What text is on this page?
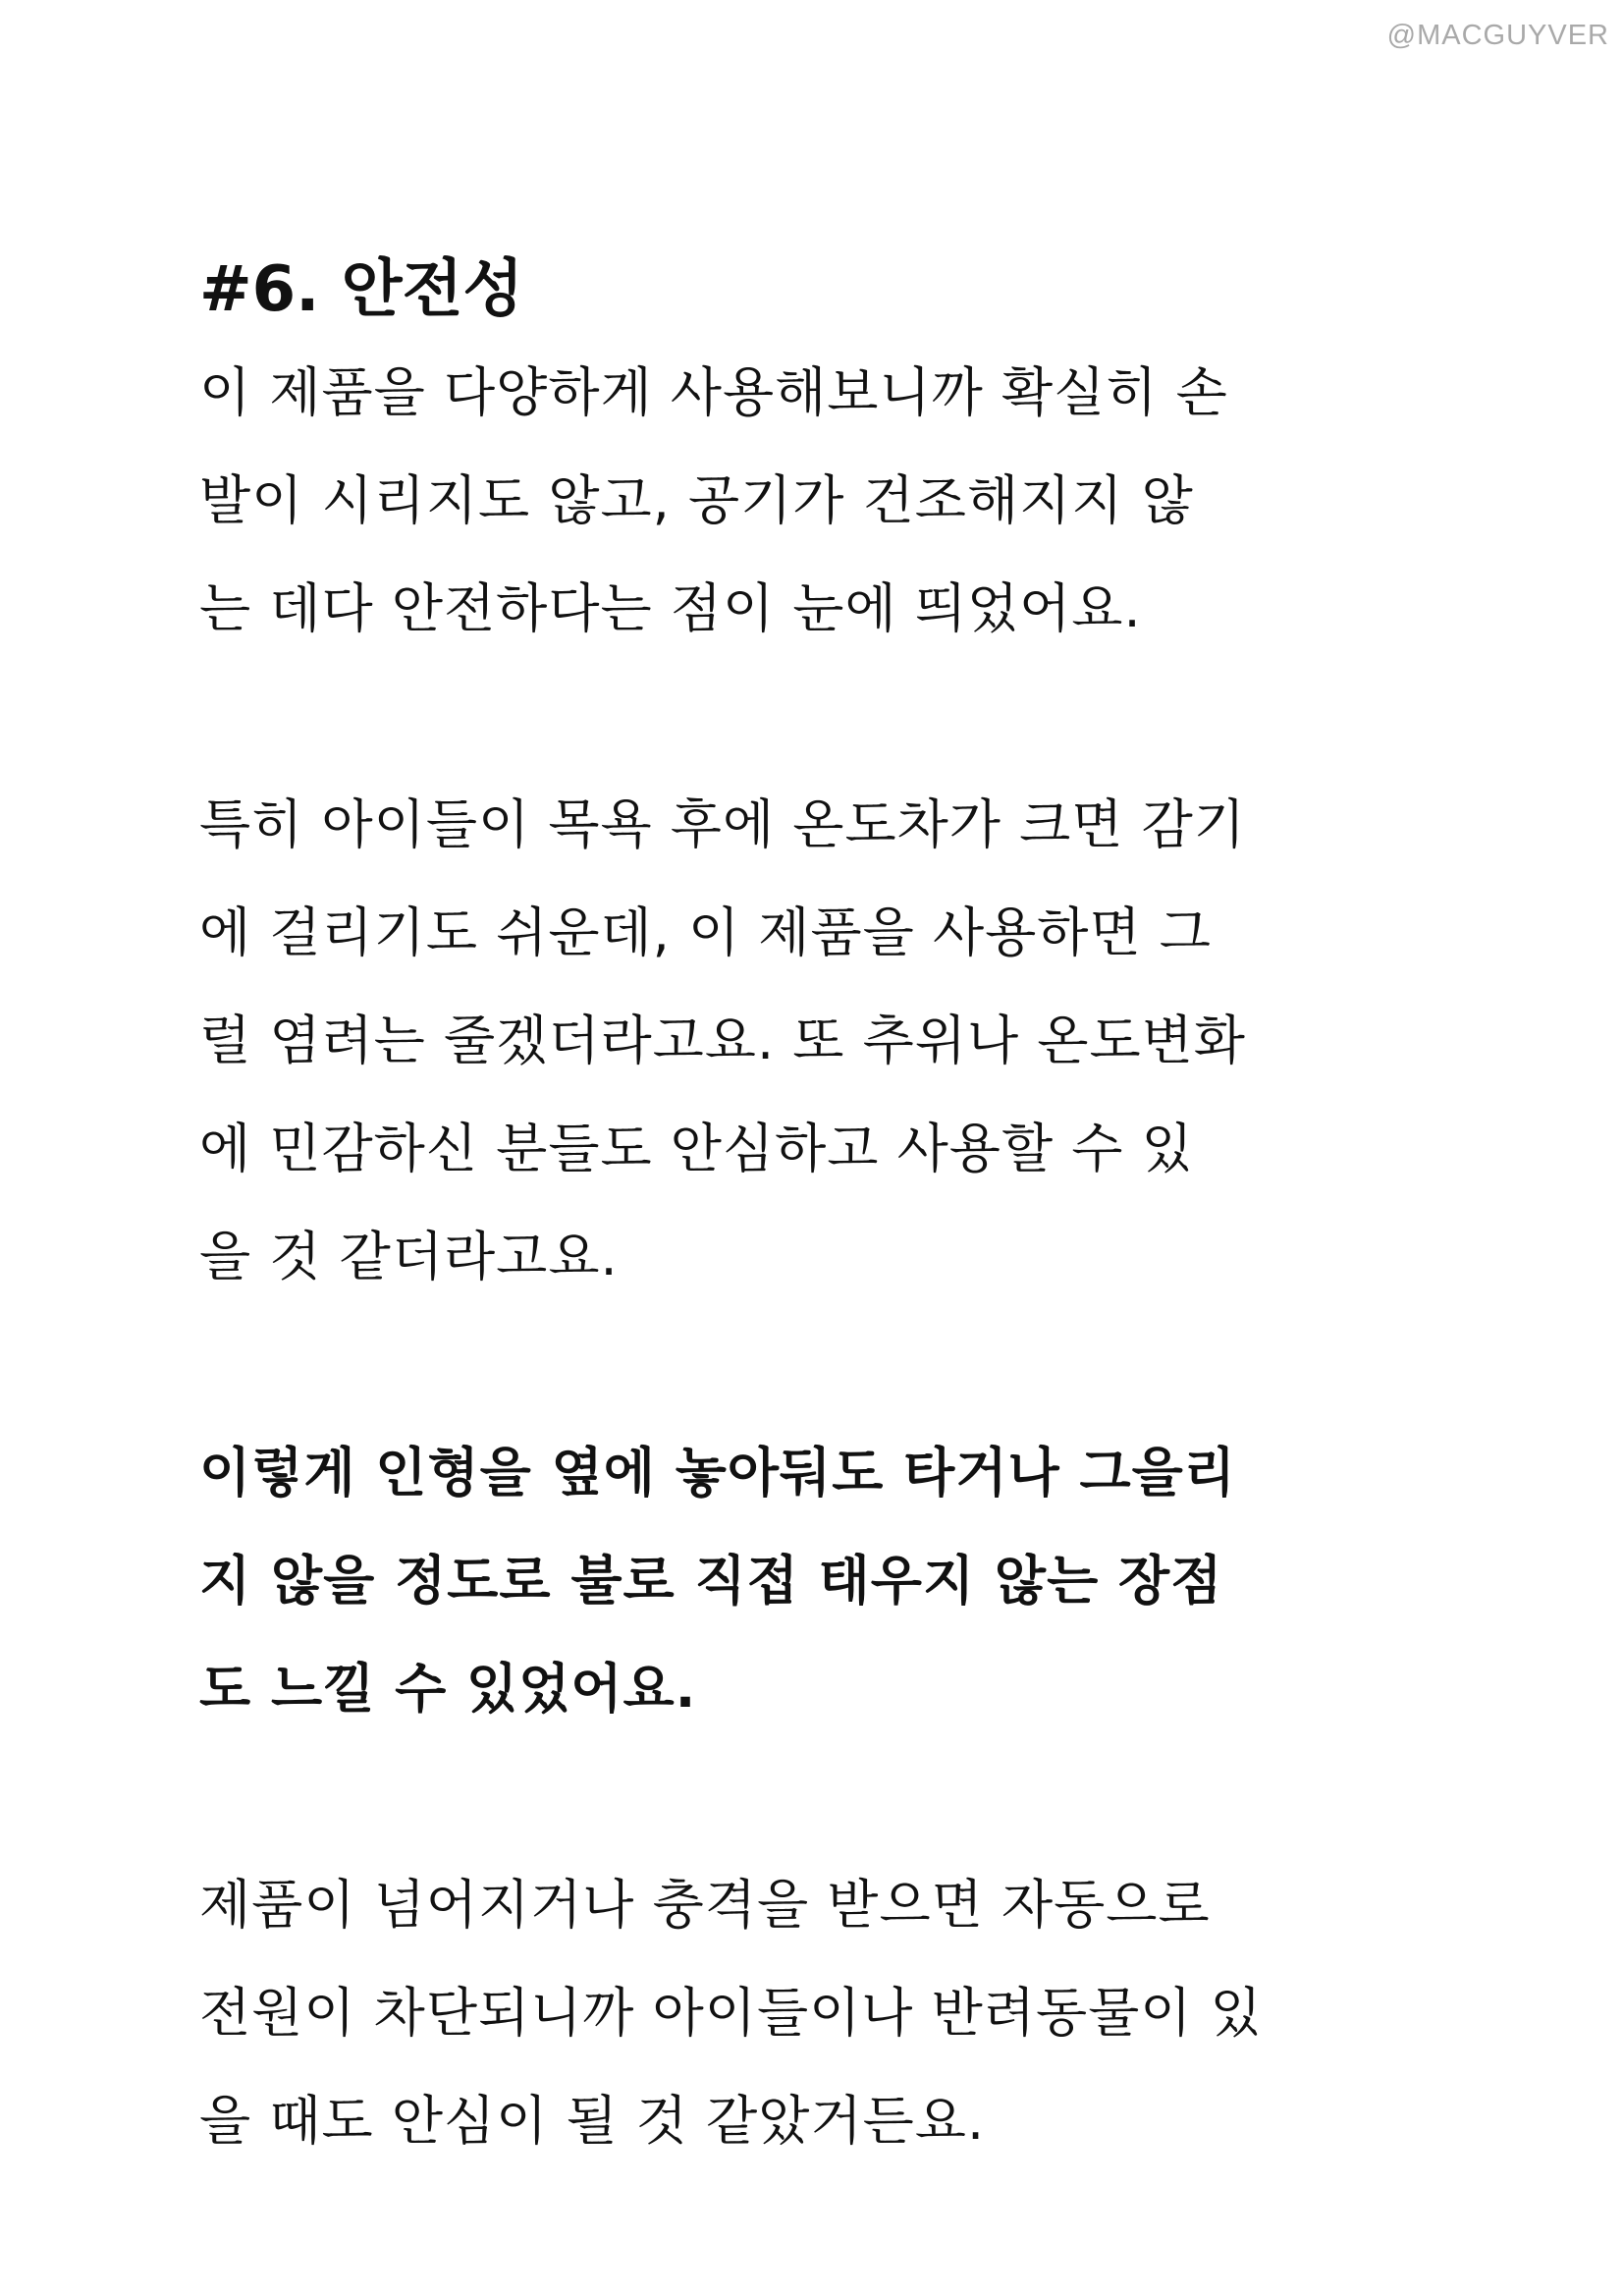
@MACGUYVER
#6. 안전성
이 제품을 다양하게 사용해보니까 확실히 손
발이 시리지도 않고, 공기가 건조해지지 않
는 데다 안전하다는 점이 눈에 띄었어요.
특히 아이들이 목욕 후에 온도차가 크면 감기
에 걸리기도 쉬운데, 이 제품을 사용하면 그
럴 염려는 줄겠더라고요. 또 추위나 온도변화
에 민감하신 분들도 안심하고 사용할 수 있
을 것 같더라고요.
이렇게 인형을 옆에 놓아둬도 타거나 그을리
지 않을 정도로 불로 직접 태우지 않는 장점
도 느낄 수 있었어요.
제품이 넘어지거나 충격을 받으면 자동으로
전원이 차단되니까 아이들이나 반려동물이 있
을 때도 안심이 될 것 같았거든요.
